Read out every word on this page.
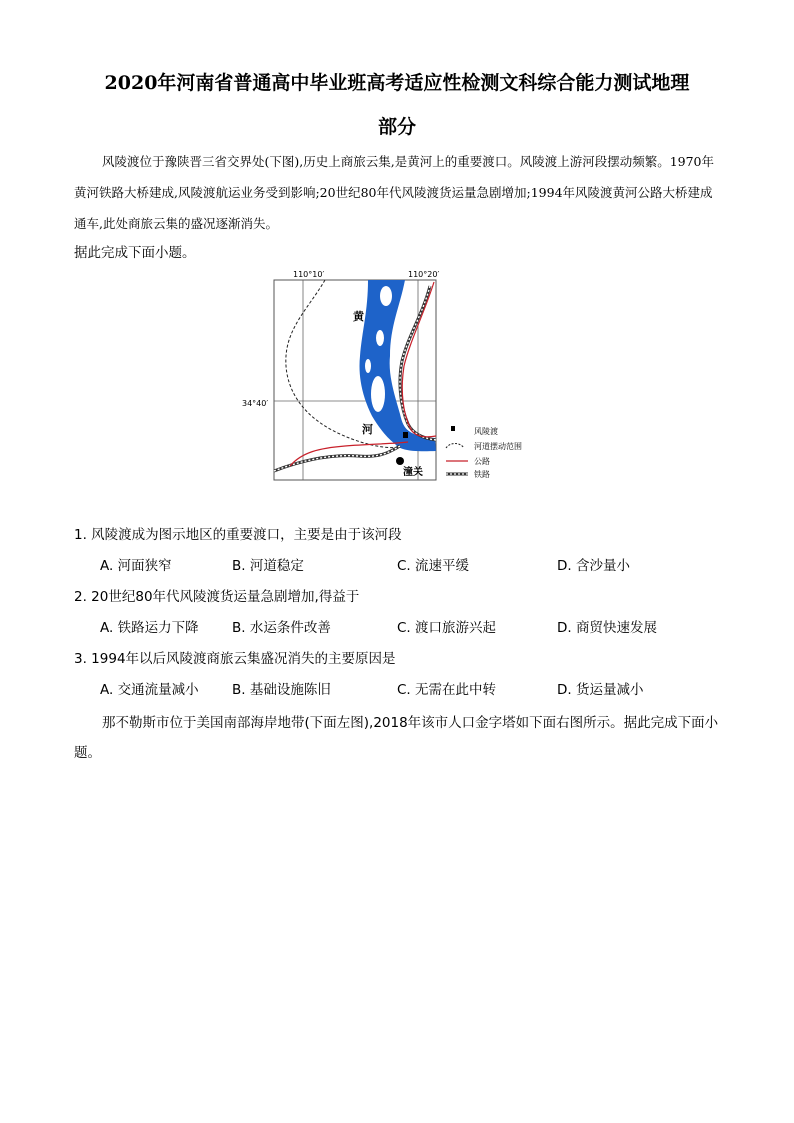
2020年河南省普通高中毕业班高考适应性检测文科综合能力测试地理
部分
风陵渡位于豫陕晋三省交界处(下图),历史上商旅云集,是黄河上的重要渡口。风陵渡上游河段摆动频繁。1970年黄河铁路大桥建成,风陵渡航运业务受到影响;20世纪80年代风陵渡货运量急剧增加;1994年风陵渡黄河公路大桥建成通车,此处商旅云集的盛况逐渐消失。
据此完成下面小题。
110°10′	110°20′
34°40′
潼关
黄
河	风陵渡
河道摆动范围
公路
铁路
1. 风陵渡成为图示地区的重要渡口，主要是由于该河段
A. 河面狭窄	B. 河道稳定	C. 流速平缓	D. 含沙量小
2. 20世纪80年代风陵渡货运量急剧增加,得益于
A. 铁路运力下降 B. 水运条件改善	C. 渡口旅游兴起	D. 商贸快速发展
3. 1994年以后风陵渡商旅云集盛况消失的主要原因是
A. 交通流量减小 B. 基础设施陈旧	C. 无需在此中转	D. 货运量减小
那不勒斯市位于美国南部海岸地带(下面左图),2018年该市人口金字塔如下面右图所示。据此完成下面小题。
